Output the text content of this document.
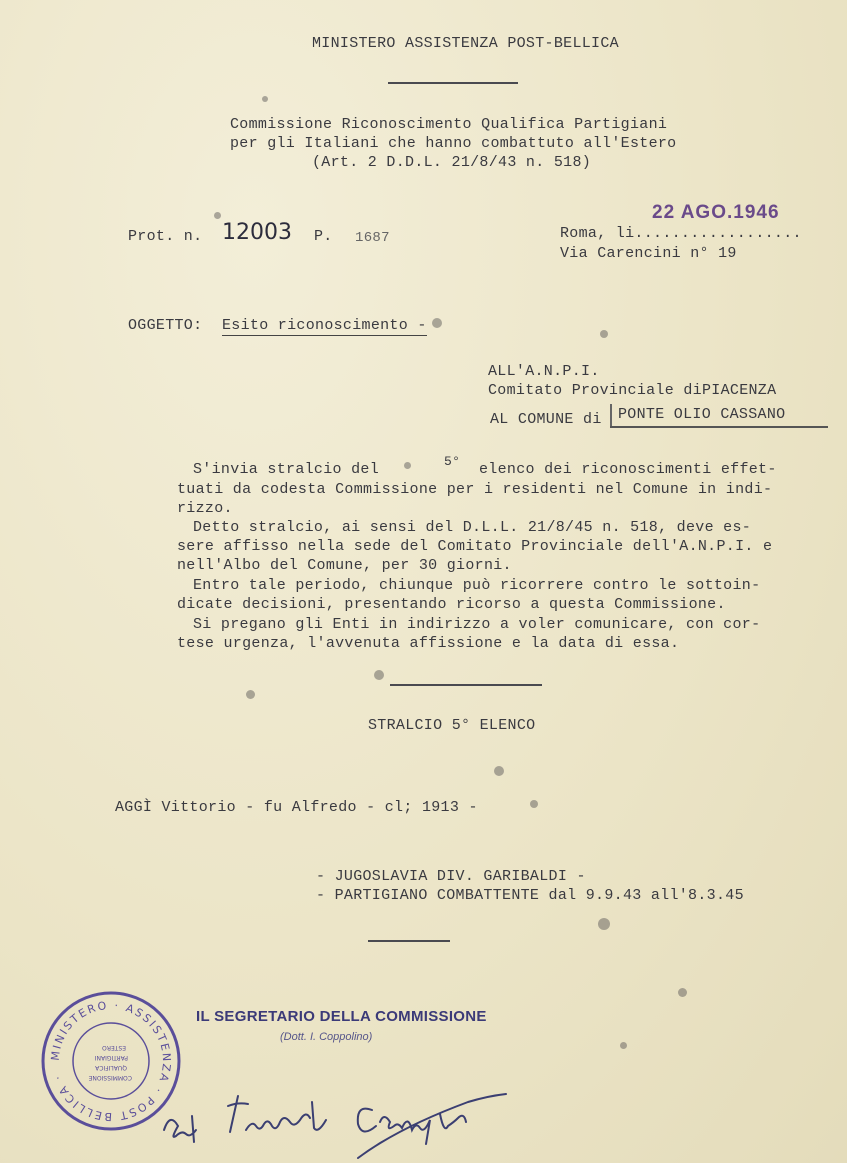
MINISTERO ASSISTENZA POST-BELLICA
Commissione Riconoscimento Qualifica Partigiani
per gli Italiani che hanno combattuto all'Estero
(Art. 2 D.D.L. 21/8/43 n. 518)
Prot. n. 12003 P. 1687	Roma, li..................
22 AGO.1946
Via Carencini n° 19
OGGETTO: Esito riconoscimento -
ALL'A.N.P.I.
Comitato Provinciale di PIACENZA
AL COMUNE di PONTE OLIO CASSANO
S'invia stralcio del	5° elenco dei riconoscimenti effet-
tuati da codesta Commissione per i residenti nel Comune in indi-
rizzo.
Detto stralcio, ai sensi del D.L.L. 21/8/45 n. 518, deve es-
sere affisso nella sede del Comitato Provinciale dell'A.N.P.I. e
nell'Albo del Comune, per 30 giorni.
Entro tale periodo, chiunque può ricorrere contro le sottoin-
dicate decisioni, presentando ricorso a questa Commissione.
Si pregano gli Enti in indirizzo a voler comunicare, con cor-
tese urgenza, l'avvenuta affissione e la data di essa.
STRALCIO 5° ELENCO
AGGÌ Vittorio - fu Alfredo - cl; 1913 -
- JUGOSLAVIA DIV. GARIBALDI -
- PARTIGIANO COMBATTENTE dal 9.9.43 all'8.3.45
MINISTERO · ASSISTENZA · POST BELLICA ·	COMMISSIONE
QUALIFICA
PARTIGIANI
ESTERO
IL SEGRETARIO DELLA COMMISSIONE
(Dott. I. Coppolino)
